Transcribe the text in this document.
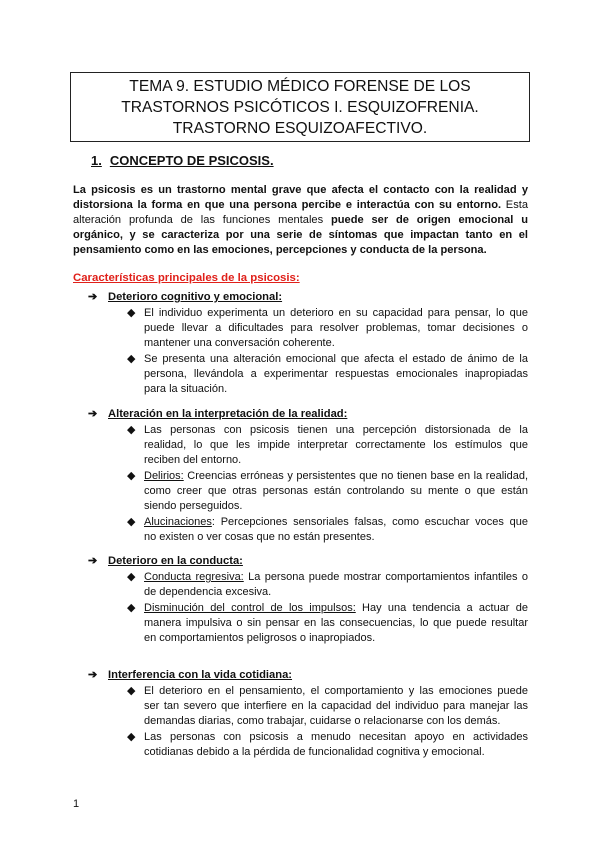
TEMA 9. ESTUDIO MÉDICO FORENSE DE LOS
TRASTORNOS PSICÓTICOS I. ESQUIZOFRENIA.
TRASTORNO ESQUIZOAFECTIVO.
1. CONCEPTO DE PSICOSIS.
La psicosis es un trastorno mental grave que afecta el contacto con la realidad y
distorsiona la forma en que una persona percibe e interactúa con su entorno. Esta
alteración profunda de las funciones mentales puede ser de origen emocional u
orgánico, y se caracteriza por una serie de síntomas que impactan tanto en el
pensamiento como en las emociones, percepciones y conducta de la persona.
Características principales de la psicosis:
➔ Deterioro cognitivo y emocional:
◆ El individuo experimenta un deterioro en su capacidad para pensar, lo que
puede llevar a dificultades para resolver problemas, tomar decisiones o
mantener una conversación coherente.
◆ Se presenta una alteración emocional que afecta el estado de ánimo de la
persona, llevándola a experimentar respuestas emocionales inapropiadas
para la situación.
➔ Alteración en la interpretación de la realidad:
◆ Las personas con psicosis tienen una percepción distorsionada de la
realidad, lo que les impide interpretar correctamente los estímulos que
reciben del entorno.
◆ Delirios: Creencias erróneas y persistentes que no tienen base en la realidad,
como creer que otras personas están controlando su mente o que están
siendo perseguidos.
◆ Alucinaciones: Percepciones sensoriales falsas, como escuchar voces que
no existen o ver cosas que no están presentes.
➔ Deterioro en la conducta:
◆ Conducta regresiva: La persona puede mostrar comportamientos infantiles o
de dependencia excesiva.
◆ Disminución del control de los impulsos: Hay una tendencia a actuar de
manera impulsiva o sin pensar en las consecuencias, lo que puede resultar
en comportamientos peligrosos o inapropiados.
➔ Interferencia con la vida cotidiana:
◆ El deterioro en el pensamiento, el comportamiento y las emociones puede
ser tan severo que interfiere en la capacidad del individuo para manejar las
demandas diarias, como trabajar, cuidarse o relacionarse con los demás.
◆ Las personas con psicosis a menudo necesitan apoyo en actividades
cotidianas debido a la pérdida de funcionalidad cognitiva y emocional.
1
